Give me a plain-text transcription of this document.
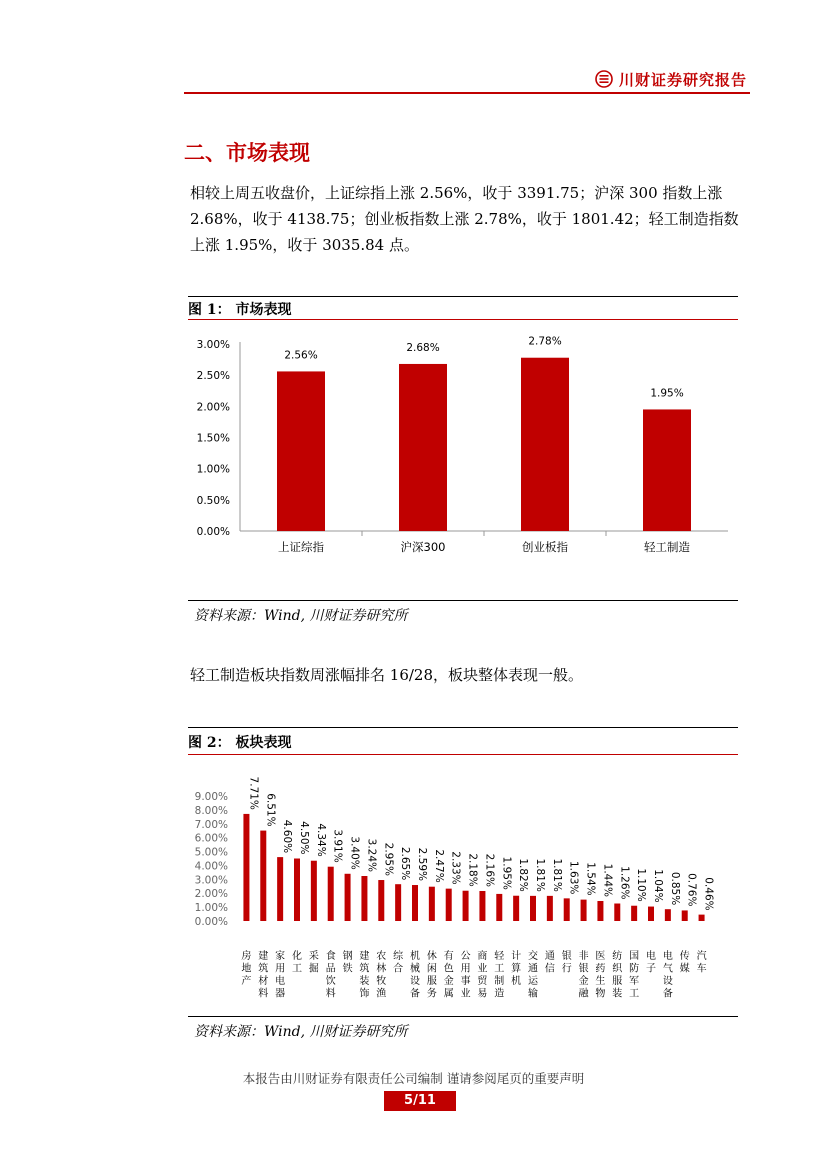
川财证券研究报告
二、市场表现
相较上周五收盘价，上证综指上涨 2.56%，收于 3391.75；沪深 300 指数上涨 2.68%，收于 4138.75；创业板指数上涨 2.78%，收于 1801.42；轻工制造指数上涨 1.95%，收于 3035.84 点。
图 1： 市场表现
0.00%
0.50%
1.00%
1.50%
2.00%
2.50%
3.00%
2.56%
上证综指
2.68%
沪深300
2.78%
创业板指
1.95%
轻工制造
资料来源：Wind, 川财证券研究所
轻工制造板块指数周涨幅排名 16/28，板块整体表现一般。
图 2： 板块表现
0.00%
1.00%
2.00%
3.00%
4.00%
5.00%
6.00%
7.00%
8.00%
9.00% 7.71%
房地产
6.51%
建筑材料
4.60%
家用电器
4.50%
化工
4.34%
采掘
3.91%
食品饮料
3.40%
钢铁
3.24%
建筑装饰
2.95%
农林牧渔
2.65%
综合
2.59%
机械设备
2.47%
休闲服务
2.33%
有色金属
2.18%
公用事业
2.16%
商业贸易
1.95%
轻工制造
1.82%
计算机
1.81%
交通运输
1.81%
通信
1.63%
银行
1.54%
非银金融
1.44%
医药生物
1.26%
纺织服装
1.10%
国防军工
1.04%
电子
0.85%
电气设备
0.76%
传媒
0.46%
汽车
资料来源：Wind, 川财证券研究所
本报告由川财证券有限责任公司编制 谨请参阅尾页的重要声明
5/11
